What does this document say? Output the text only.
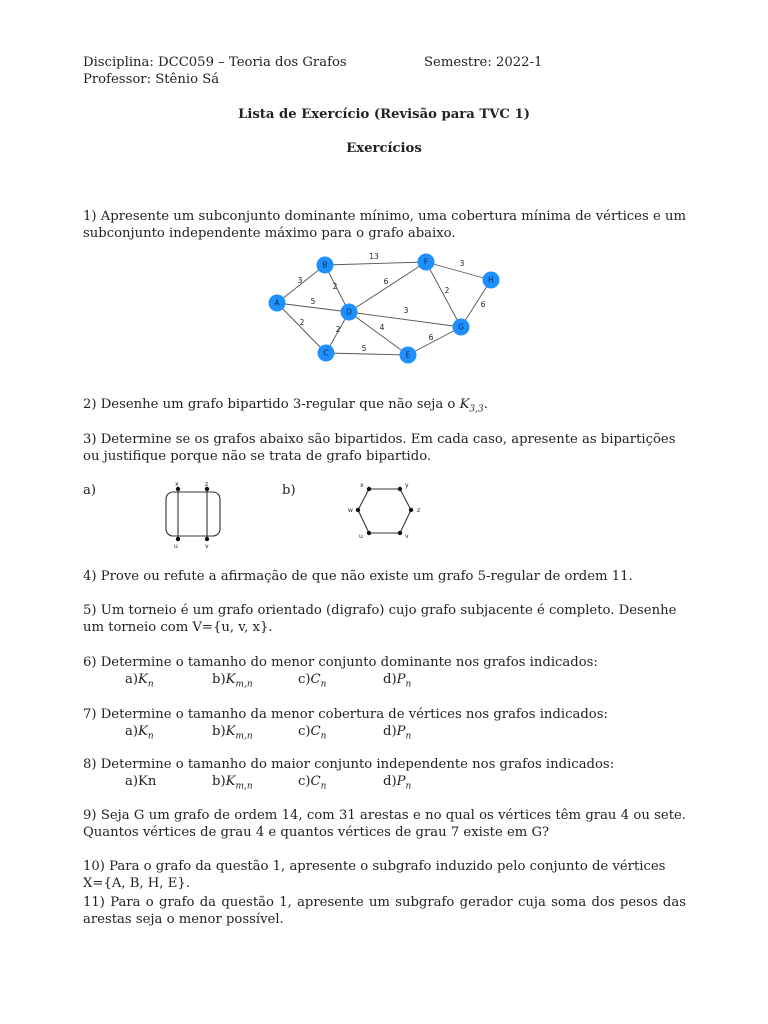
Disciplina: DCC059 – Teoria dos Grafos	Semestre: 2022-1
Professor: Stênio Sá
Lista de Exercício (Revisão para TVC 1)
Exercícios
1) Apresente um subconjunto dominante mínimo, uma cobertura mínima de vértices e um subconjunto independente máximo para o grafo abaixo.
3
5
2
13
2
6
3
2	4
3
2
6
5
6
A
B
D
C
F
H
G
E
2) Desenhe um grafo bipartido 3-regular que não seja o $K_{3,3}$.
3) Determine se os grafos abaixo são bipartidos. Em cada caso, apresente as bipartições ou justifique porque não se trata de grafo bipartido.
a)	b)
x	z
u	v
x	y
w	z
u	v
4) Prove ou refute a afirmação de que não existe um grafo 5-regular de ordem 11.
5) Um torneio é um grafo orientado (digrafo) cujo grafo subjacente é completo. Desenhe um torneio com V={u, v, x}.
6) Determine o tamanho do menor conjunto dominante nos grafos indicados:
$a)K_n$	$b)K_{m,n}$	$c)C_n$	$d)P_n$
7) Determine o tamanho da menor cobertura de vértices nos grafos indicados:
$a)K_n$	$b)K_{m,n}$	$c)C_n$	$d)P_n$
8) Determine o tamanho do maior conjunto independente nos grafos indicados:
a)Kn	$b)K_{m,n}$	$c)C_n$	$d)P_n$
9) Seja G um grafo de ordem 14, com 31 arestas e no qual os vértices têm grau 4 ou sete. Quantos vértices de grau 4 e quantos vértices de grau 7 existe em G?
10) Para o grafo da questão 1, apresente o subgrafo induzido pelo conjunto de vértices X={A, B, H, E}.
11) Para o grafo da questão 1, apresente um subgrafo gerador cuja soma dos pesos das arestas seja o menor possível.
